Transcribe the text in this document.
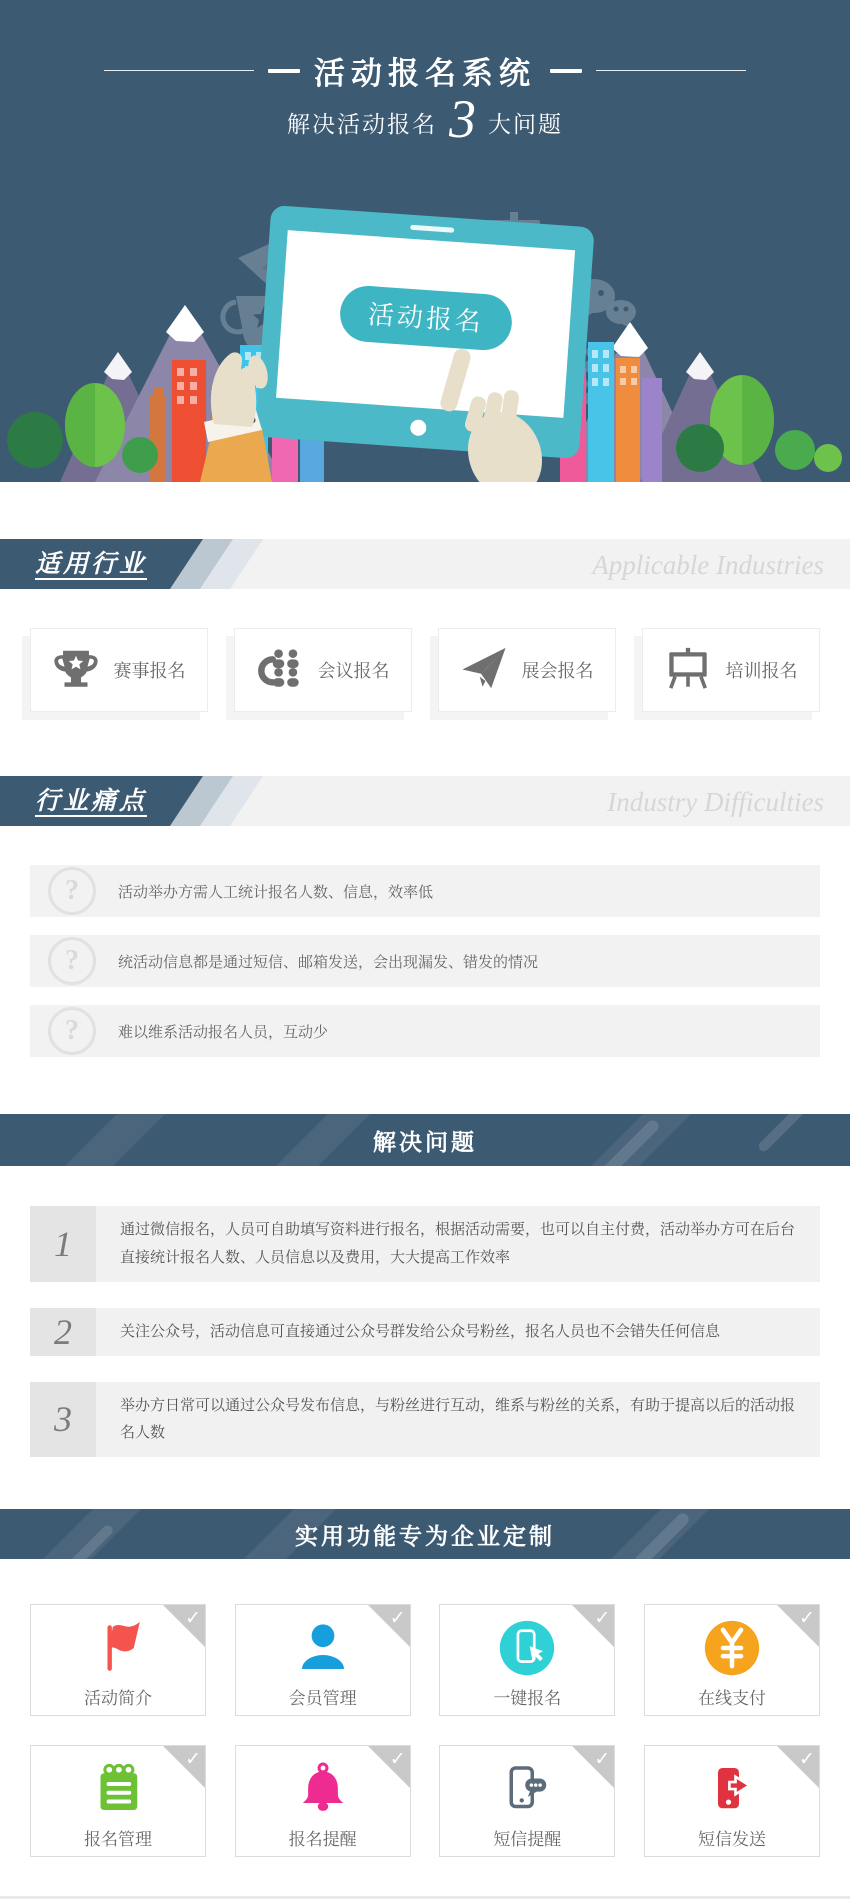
活动报名
活动报名系统
解决活动报名 3 大问题
适用行业	Applicable Industries
赛事报名	会议报名	展会报名	培训报名
行业痛点	Industry Difficulties
?	活动举办方需人工统计报名人数、信息，效率低
?	统活动信息都是通过短信、邮箱发送，会出现漏发、错发的情况
?	难以维系活动报名人员，互动少
解决问题
1	通过微信报名，人员可自助填写资料进行报名，根据活动需要，也可以自主付费，活动举办方可在后台直接统计报名人数、人员信息以及费用，大大提高工作效率
2	关注公众号，活动信息可直接通过公众号群发给公众号粉丝，报名人员也不会错失任何信息
3	举办方日常可以通过公众号发布信息，与粉丝进行互动，维系与粉丝的关系，有助于提高以后的活动报名人数
实用功能专为企业定制
✓
活动简介
✓
会员管理
✓
一键报名
✓
在线支付
✓
报名管理
✓
报名提醒
✓
短信提醒
✓
短信发送
